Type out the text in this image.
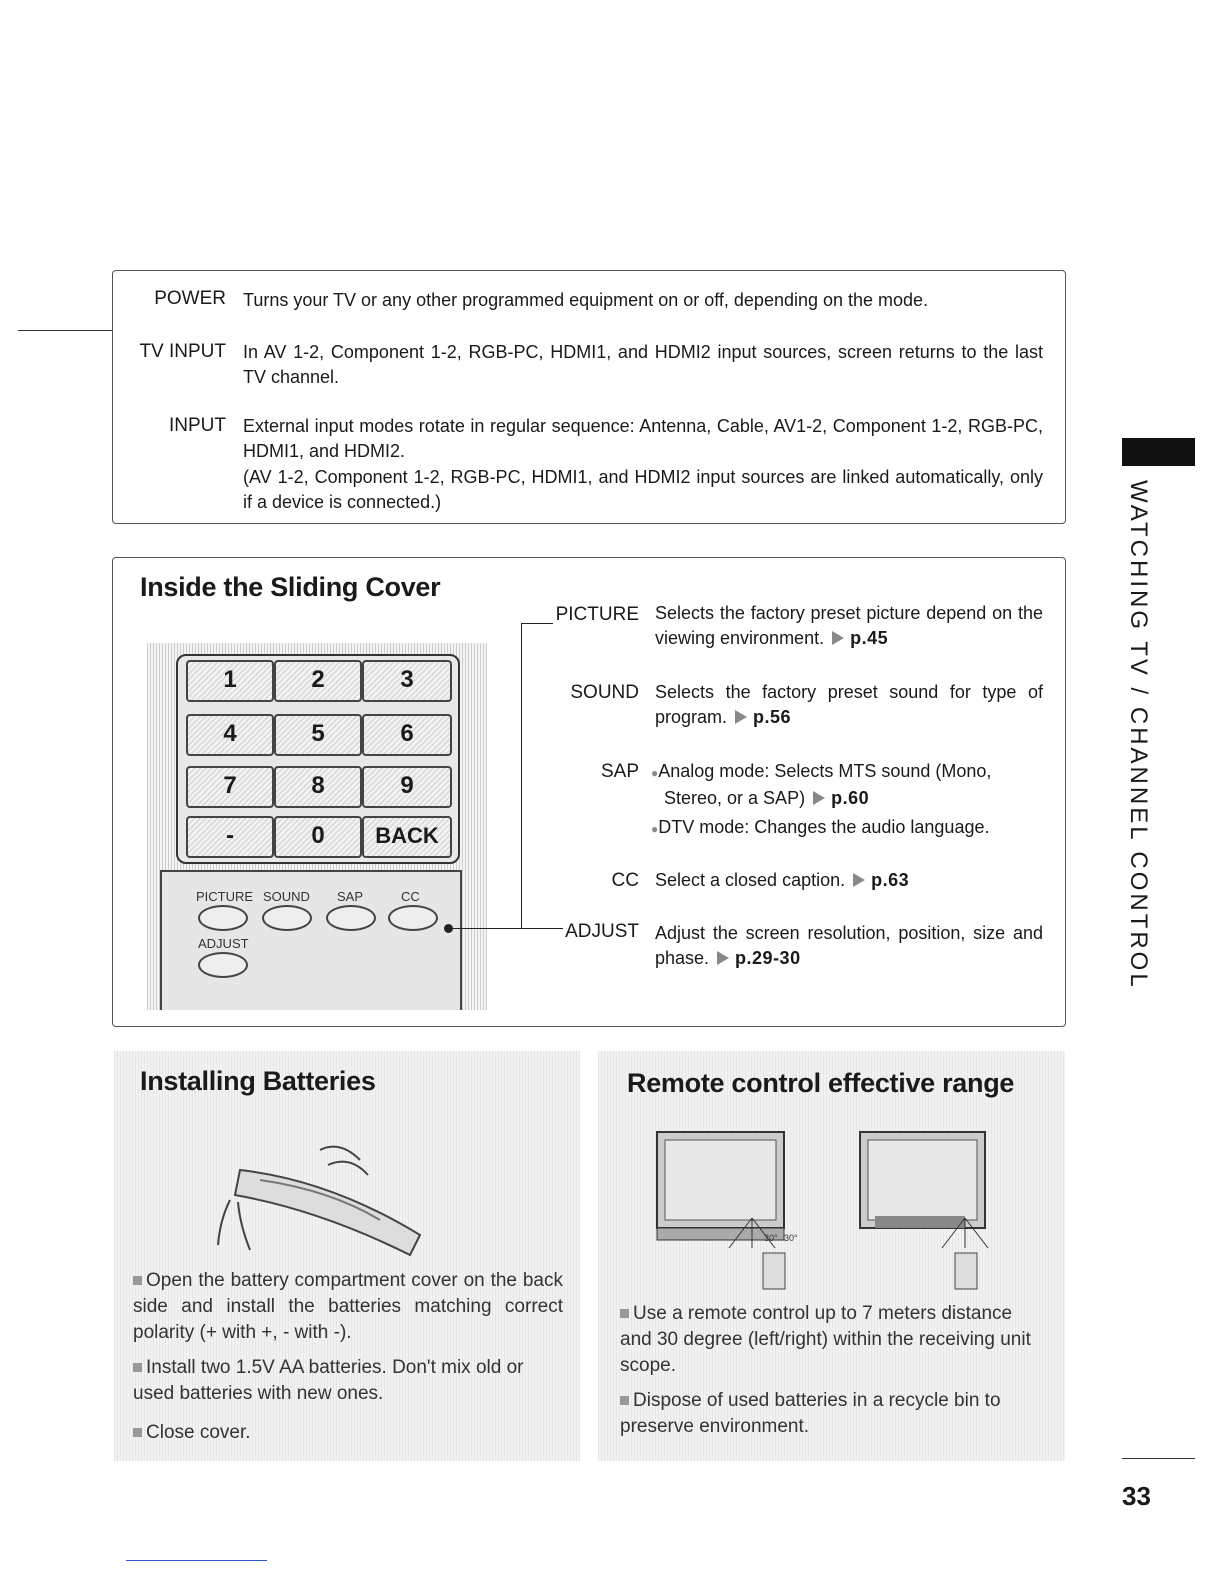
POWER Turns your TV or any other programmed equipment on or off, depending on the mode.
TV INPUT In AV 1-2, Component 1-2, RGB-PC, HDMI1, and HDMI2 input sources, screen returns to the last TV channel.
INPUT External input modes rotate in regular sequence: Antenna, Cable, AV1-2, Component 1-2, RGB-PC, HDMI1, and HDMI2.
(AV 1-2, Component 1-2, RGB-PC, HDMI1, and HDMI2 input sources are linked automatically, only if a device is connected.)
Inside the Sliding Cover
1	2	3
4	5	6
7	8	9
-	0	BACK
PICTURE SOUND SAP	CC
ADJUST
PICTURE Selects the factory preset picture depend on the viewing environment. p.45
SOUND Selects the factory preset sound for type of program. p.56
SAP ●Analog mode: Selects MTS sound (Mono, Stereo, or a SAP) p.60
●DTV mode: Changes the audio language.
CC Select a closed caption. p.63
ADJUST Adjust the screen resolution, position, size and phase. p.29-30
Installing Batteries
Open the battery compartment cover on the back side and install the batteries matching correct polarity (+ with +, - with -).
Install two 1.5V AA batteries. Don't mix old or used batteries with new ones.
Close cover.
Remote control effective range
30° 30°
Use a remote control up to 7 meters distance and 30 degree (left/right) within the receiving unit scope.
Dispose of used batteries in a recycle bin to preserve environment.
WATCHING TV / CHANNEL CONTROL
33
